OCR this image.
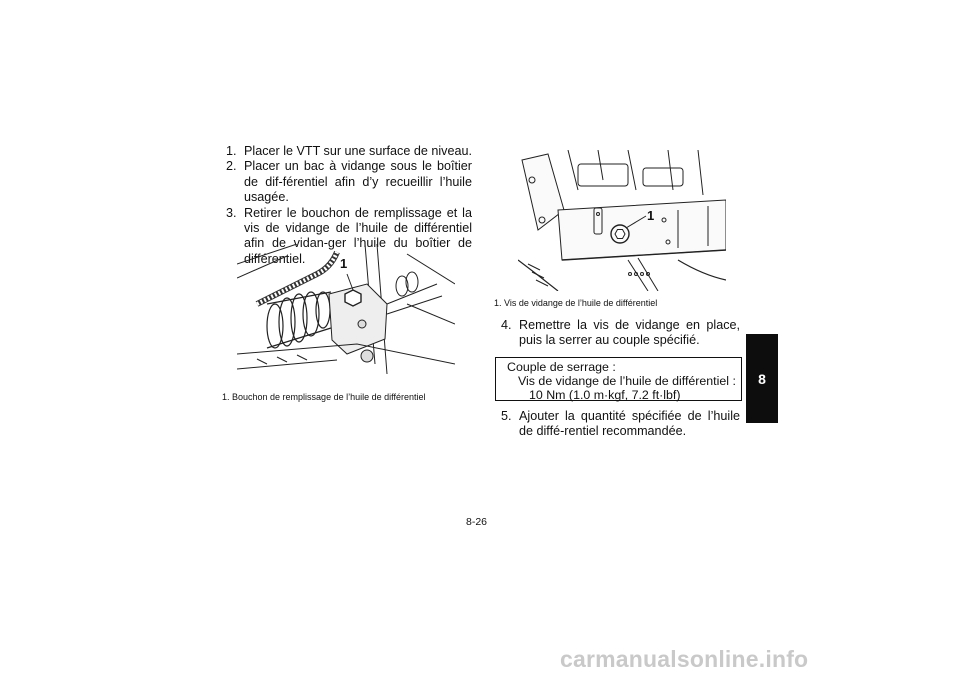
1. Placer le VTT sur une surface de niveau.
2. Placer un bac à vidange sous le boîtier de dif-férentiel afin d’y recueillir l’huile usagée.
3. Retirer le bouchon de remplissage et la vis de vidange de l’huile de différentiel afin de vidan-ger l’huile du boîtier de différentiel.	1
1. Bouchon de remplissage de l’huile de différentiel
1
1. Vis de vidange de l’huile de différentiel
4. Remettre la vis de vidange en place, puis la serrer au couple spécifié.
Couple de serrage :
Vis de vidange de l’huile de différentiel :
10 Nm (1.0 m·kgf, 7.2 ft·lbf)
5. Ajouter la quantité spécifiée de l’huile de diffé-rentiel recommandée.
8-26
8
carmanualsonline.info
